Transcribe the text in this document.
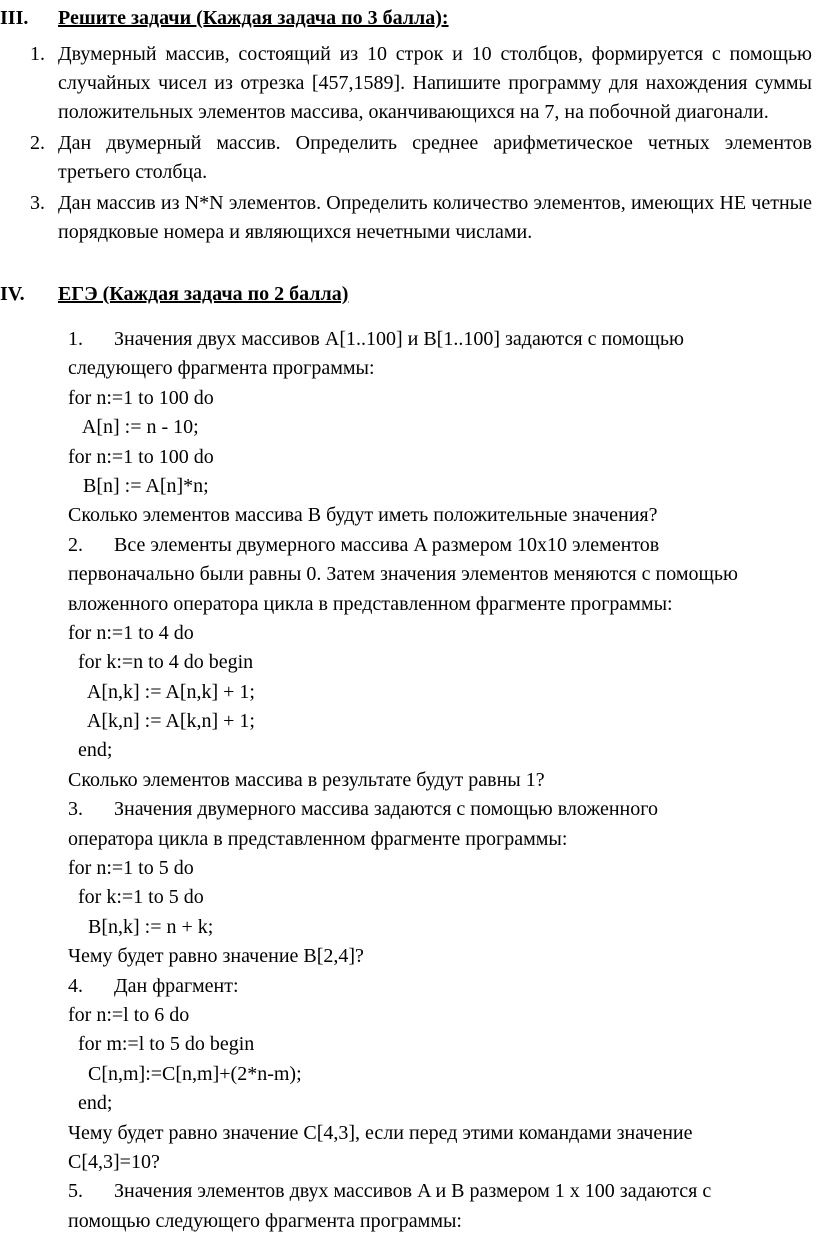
III. Решите задачи (Каждая задача по 3 балла):
1. Двумерный массив, состоящий из 10 строк и 10 столбцов, формируется с помощью случайных чисел из отрезка [457,1589]. Напишите программу для нахождения суммы положительных элементов массива, оканчивающихся на 7, на побочной диагонали.
2. Дан двумерный массив. Определить среднее арифметическое четных элементов третьего столбца.
3. Дан массив из N*N элементов. Определить количество элементов, имеющих НЕ четные порядковые номера и являющихся нечетными числами.
IV. ЕГЭ (Каждая задача по 2 балла)
1. Значения двух массивов A[1..100] и B[1..100] задаются с помощью
следующего фрагмента программы:
for n:=1 to 100 do
A[n] := n - 10;
for n:=1 to 100 do
B[n] := A[n]*n;
Сколько элементов массива B будут иметь положительные значения?
2. Все элементы двумерного массива A размером 10x10 элементов
первоначально были равны 0. Затем значения элементов меняются с помощью
вложенного оператора цикла в представленном фрагменте программы:
for n:=1 to 4 do
for k:=n to 4 do begin
A[n,k] := A[n,k] + 1;
A[k,n] := A[k,n] + 1;
end;
Сколько элементов массива в результате будут равны 1?
3. Значения двумерного массива задаются с помощью вложенного
оператора цикла в представленном фрагменте программы:
for n:=1 to 5 do
for k:=1 to 5 do
B[n,k] := n + k;
Чему будет равно значение B[2,4]?
4. Дан фрагмент:
for n:=l to 6 do
for m:=l to 5 do begin
C[n,m]:=C[n,m]+(2*n-m);
end;
Чему будет равно значение C[4,3], если перед этими командами значение
C[4,3]=10?
5. Значения элементов двух массивов A и B размером 1 x 100 задаются с
помощью следующего фрагмента программы:
